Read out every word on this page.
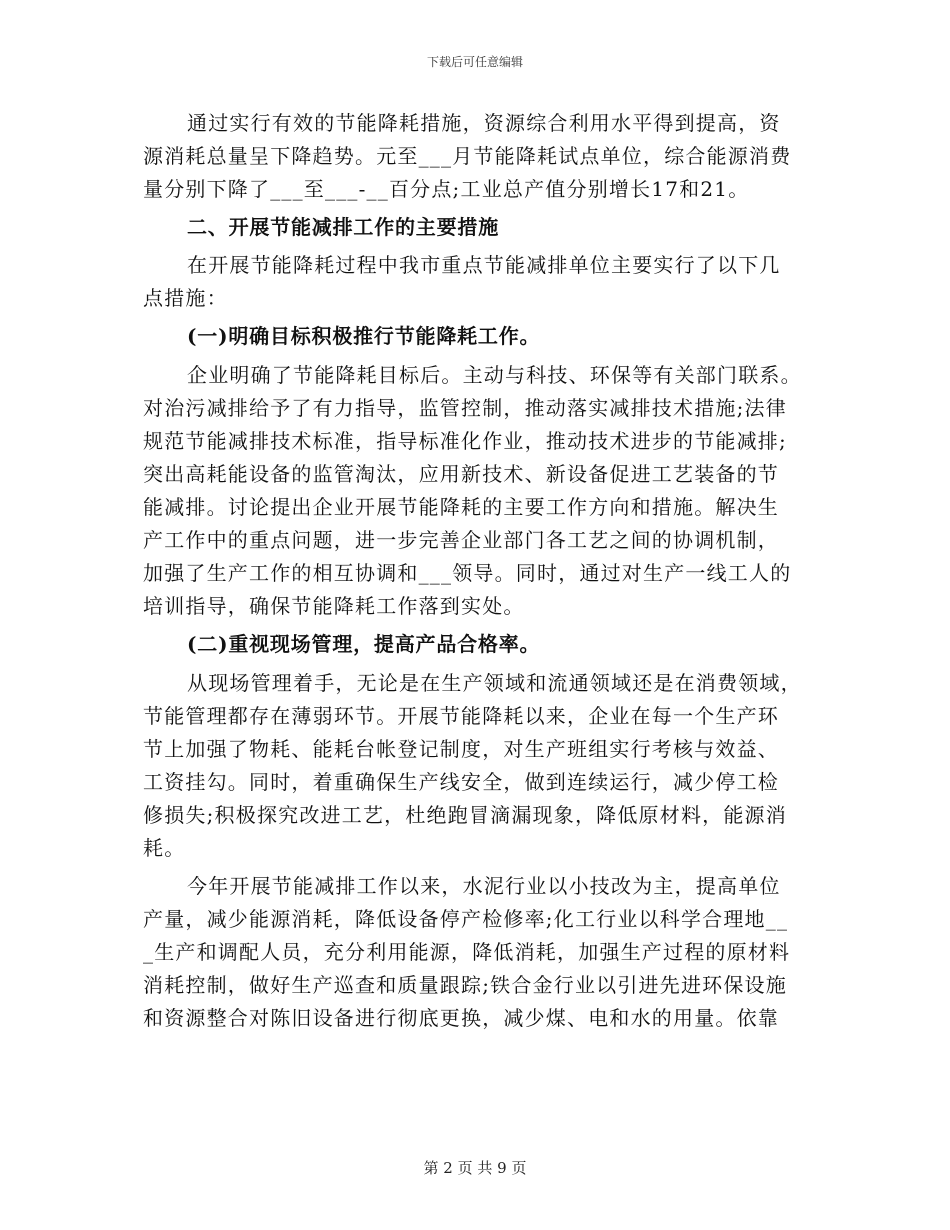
下载后可任意编辑
通过实行有效的节能降耗措施，资源综合利用水平得到提高，资
源消耗总量呈下降趋势。元至___月节能降耗试点单位，综合能源消费
量分别下降了___至___-__百分点;工业总产值分别增长17和21。
二、开展节能减排工作的主要措施
在开展节能降耗过程中我市重点节能减排单位主要实行了以下几
点措施：
(一)明确目标积极推行节能降耗工作。
企业明确了节能降耗目标后。主动与科技、环保等有关部门联系。
对治污减排给予了有力指导，监管控制，推动落实减排技术措施;法律
规范节能减排技术标准，指导标准化作业，推动技术进步的节能减排;
突出高耗能设备的监管淘汰，应用新技术、新设备促进工艺装备的节
能减排。讨论提出企业开展节能降耗的主要工作方向和措施。解决生
产工作中的重点问题，进一步完善企业部门各工艺之间的协调机制，
加强了生产工作的相互协调和___领导。同时，通过对生产一线工人的
培训指导，确保节能降耗工作落到实处。
(二)重视现场管理，提高产品合格率。
从现场管理着手，无论是在生产领域和流通领域还是在消费领域，
节能管理都存在薄弱环节。开展节能降耗以来，企业在每一个生产环
节上加强了物耗、能耗台帐登记制度，对生产班组实行考核与效益、
工资挂勾。同时，着重确保生产线安全，做到连续运行，减少停工检
修损失;积极探究改进工艺，杜绝跑冒滴漏现象，降低原材料，能源消
耗。
今年开展节能减排工作以来，水泥行业以小技改为主，提高单位
产量，减少能源消耗，降低设备停产检修率;化工行业以科学合理地__
_生产和调配人员，充分利用能源，降低消耗，加强生产过程的原材料
消耗控制，做好生产巡查和质量跟踪;铁合金行业以引进先进环保设施
和资源整合对陈旧设备进行彻底更换，减少煤、电和水的用量。依靠
第 2 页 共 9 页
